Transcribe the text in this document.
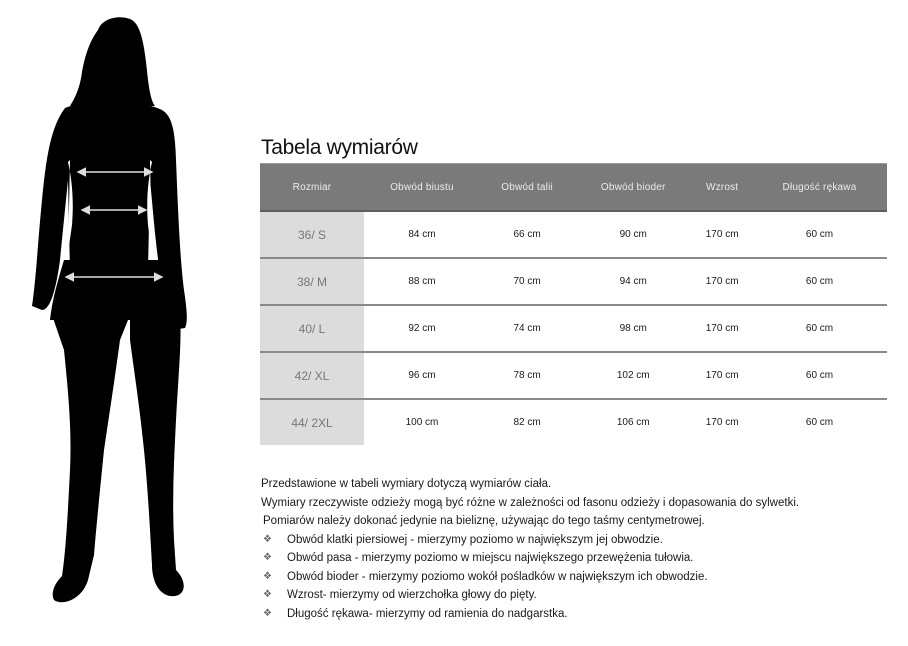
Tabela wymiarów
Rozmiar	Obwód biustu	Obwód talii	Obwód bioder	Wzrost	Długość rękawa
36/ S	84 cm	66 cm	90 cm	170 cm	60 cm
38/ M	88 cm	70 cm	94 cm	170 cm	60 cm
40/ L	92 cm	74 cm	98 cm	170 cm	60 cm
42/ XL	96 cm	78 cm	102 cm	170 cm	60 cm
44/ 2XL	100 cm	82 cm	106 cm	170 cm	60 cm

Przedstawione w tabeli wymiary dotyczą wymiarów ciała.

Wymiary rzeczywiste odzieży mogą być różne w zależności od fasonu odzieży i dopasowania do sylwetki.

Pomiarów należy dokonać jedynie na bieliznę, używając do tego taśmy centymetrowej.

❖	Obwód klatki piersiowej - mierzymy poziomo w największym jej obwodzie.
❖	Obwód pasa - mierzymy poziomo w miejscu największego przewężenia tułowia.
❖	Obwód bioder - mierzymy poziomo wokół pośladków w największym ich obwodzie.
❖	Wzrost- mierzymy od wierzchołka głowy do pięty.
❖	Długość rękawa- mierzymy od ramienia do nadgarstka.
